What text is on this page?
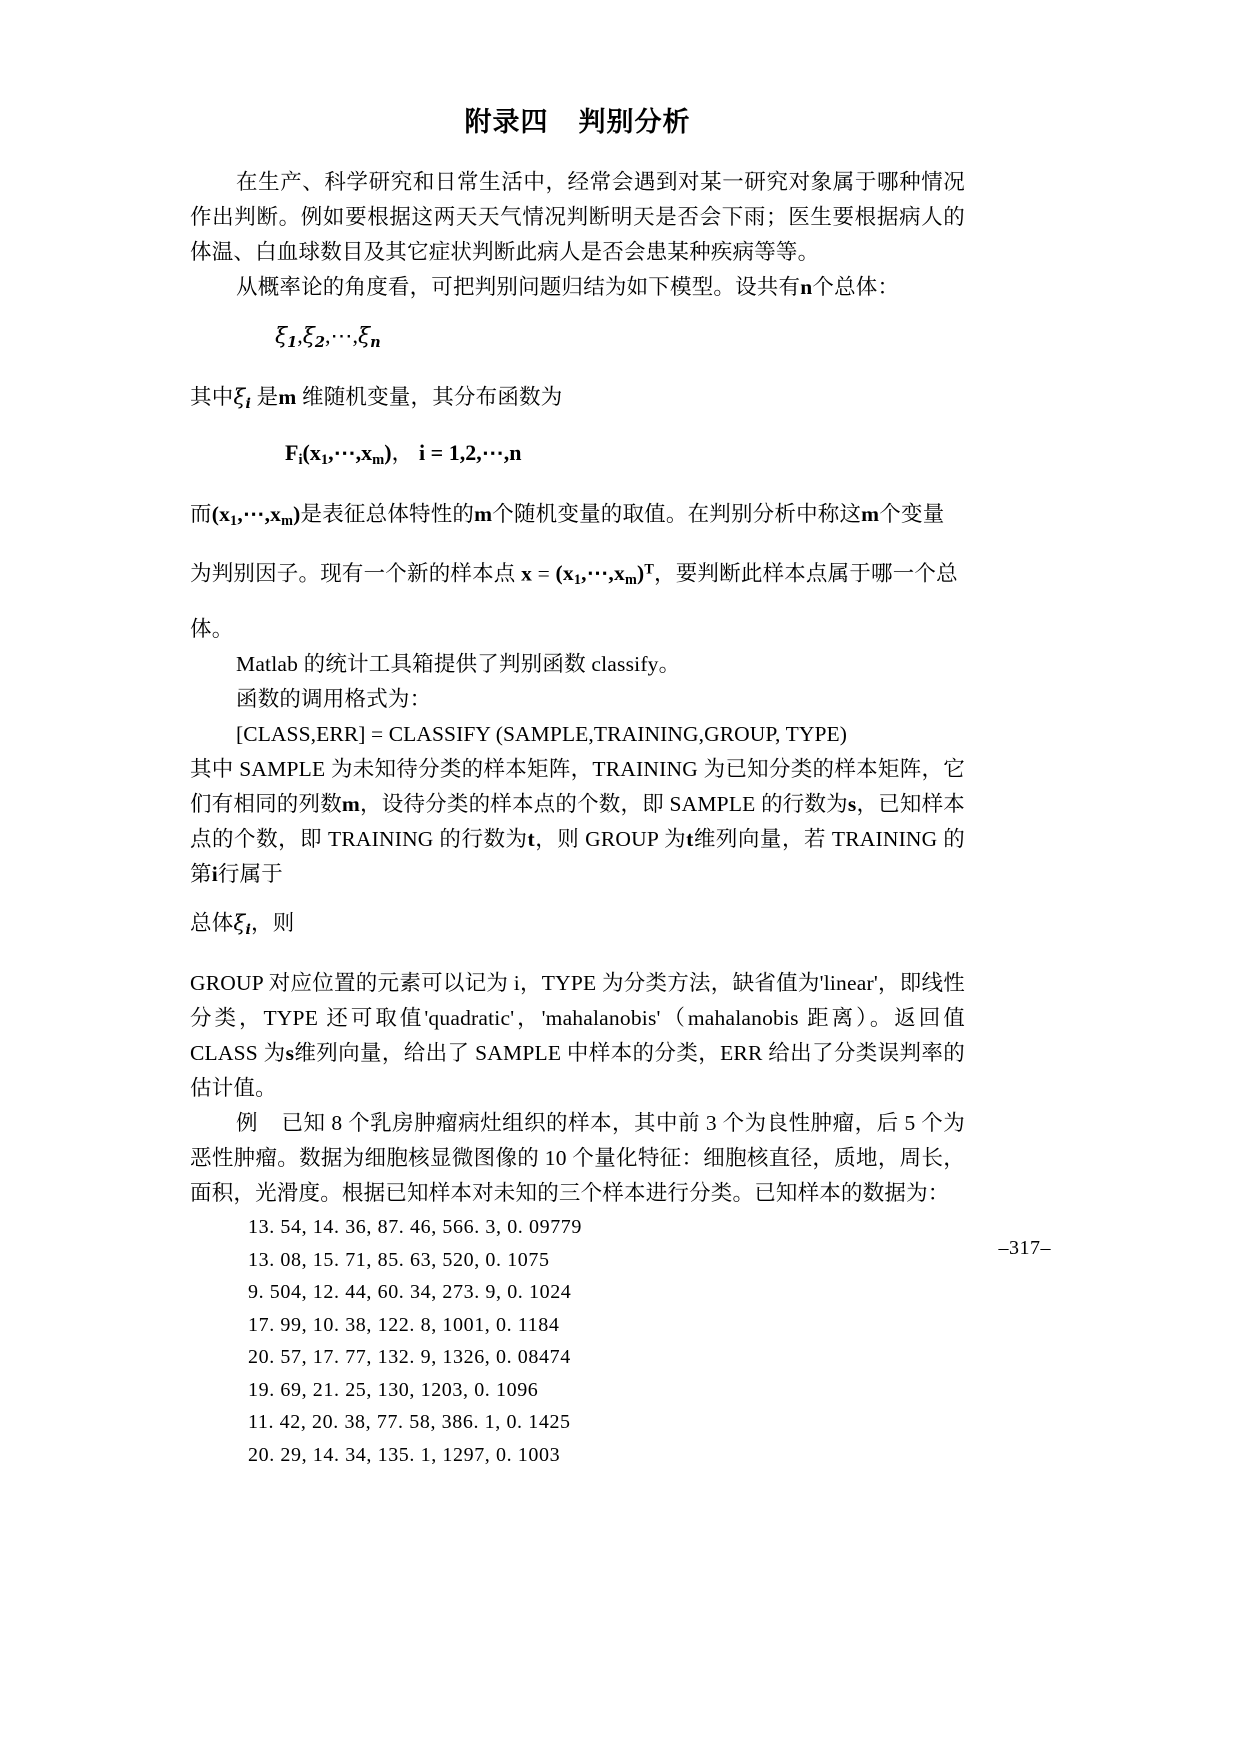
附录四 判别分析

在生产、科学研究和日常生活中，经常会遇到对某一研究对象属于哪种情况作出判断。例如要根据这两天天气情况判断明天是否会下雨；医生要根据病人的体温、白血球数目及其它症状判断此病人是否会患某种疾病等等。

从概率论的角度看，可把判别问题归结为如下模型。设共有n个总体：

$\xi_1,\xi_2,\cdots,\xi_n$

其中$\xi_i$ 是m 维随机变量，其分布函数为

$F_i(x_1,\cdots,x_m)$， i = 1,2,⋯,n

而$(x_1,\cdots,x_m)$是表征总体特性的m个随机变量的取值。在判别分析中称这m个变量

为判别因子。现有一个新的样本点 $x = (x_1,\cdots,x_m)^T$，要判断此样本点属于哪一个总

体。

Matlab 的统计工具箱提供了判别函数 classify。

函数的调用格式为：

[CLASS,ERR] = CLASSIFY (SAMPLE,TRAINING,GROUP, TYPE)

其中 SAMPLE 为未知待分类的样本矩阵，TRAINING 为已知分类的样本矩阵，它们有相同的列数m，设待分类的样本点的个数，即 SAMPLE 的行数为s，已知样本点的个数，即 TRAINING 的行数为t，则 GROUP 为t维列向量，若 TRAINING 的第i行属于

总体$\xi_i$，则

GROUP 对应位置的元素可以记为 i，TYPE 为分类方法，缺省值为'linear'，即线性分类，TYPE 还可取值'quadratic'，'mahalanobis'（mahalanobis 距离）。返回值 CLASS 为s维列向量，给出了 SAMPLE 中样本的分类，ERR 给出了分类误判率的估计值。

例 已知 8 个乳房肿瘤病灶组织的样本，其中前 3 个为良性肿瘤，后 5 个为恶性肿瘤。数据为细胞核显微图像的 10 个量化特征：细胞核直径，质地，周长，面积，光滑度。根据已知样本对未知的三个样本进行分类。已知样本的数据为：

13. 54, 14. 36, 87. 46, 566. 3, 0. 09779
13. 08, 15. 71, 85. 63, 520, 0. 1075
9. 504, 12. 44, 60. 34, 273. 9, 0. 1024
17. 99, 10. 38, 122. 8, 1001, 0. 1184
20. 57, 17. 77, 132. 9, 1326, 0. 08474
19. 69, 21. 25, 130, 1203, 0. 1096
11. 42, 20. 38, 77. 58, 386. 1, 0. 1425
20. 29, 14. 34, 135. 1, 1297, 0. 1003
–317–
